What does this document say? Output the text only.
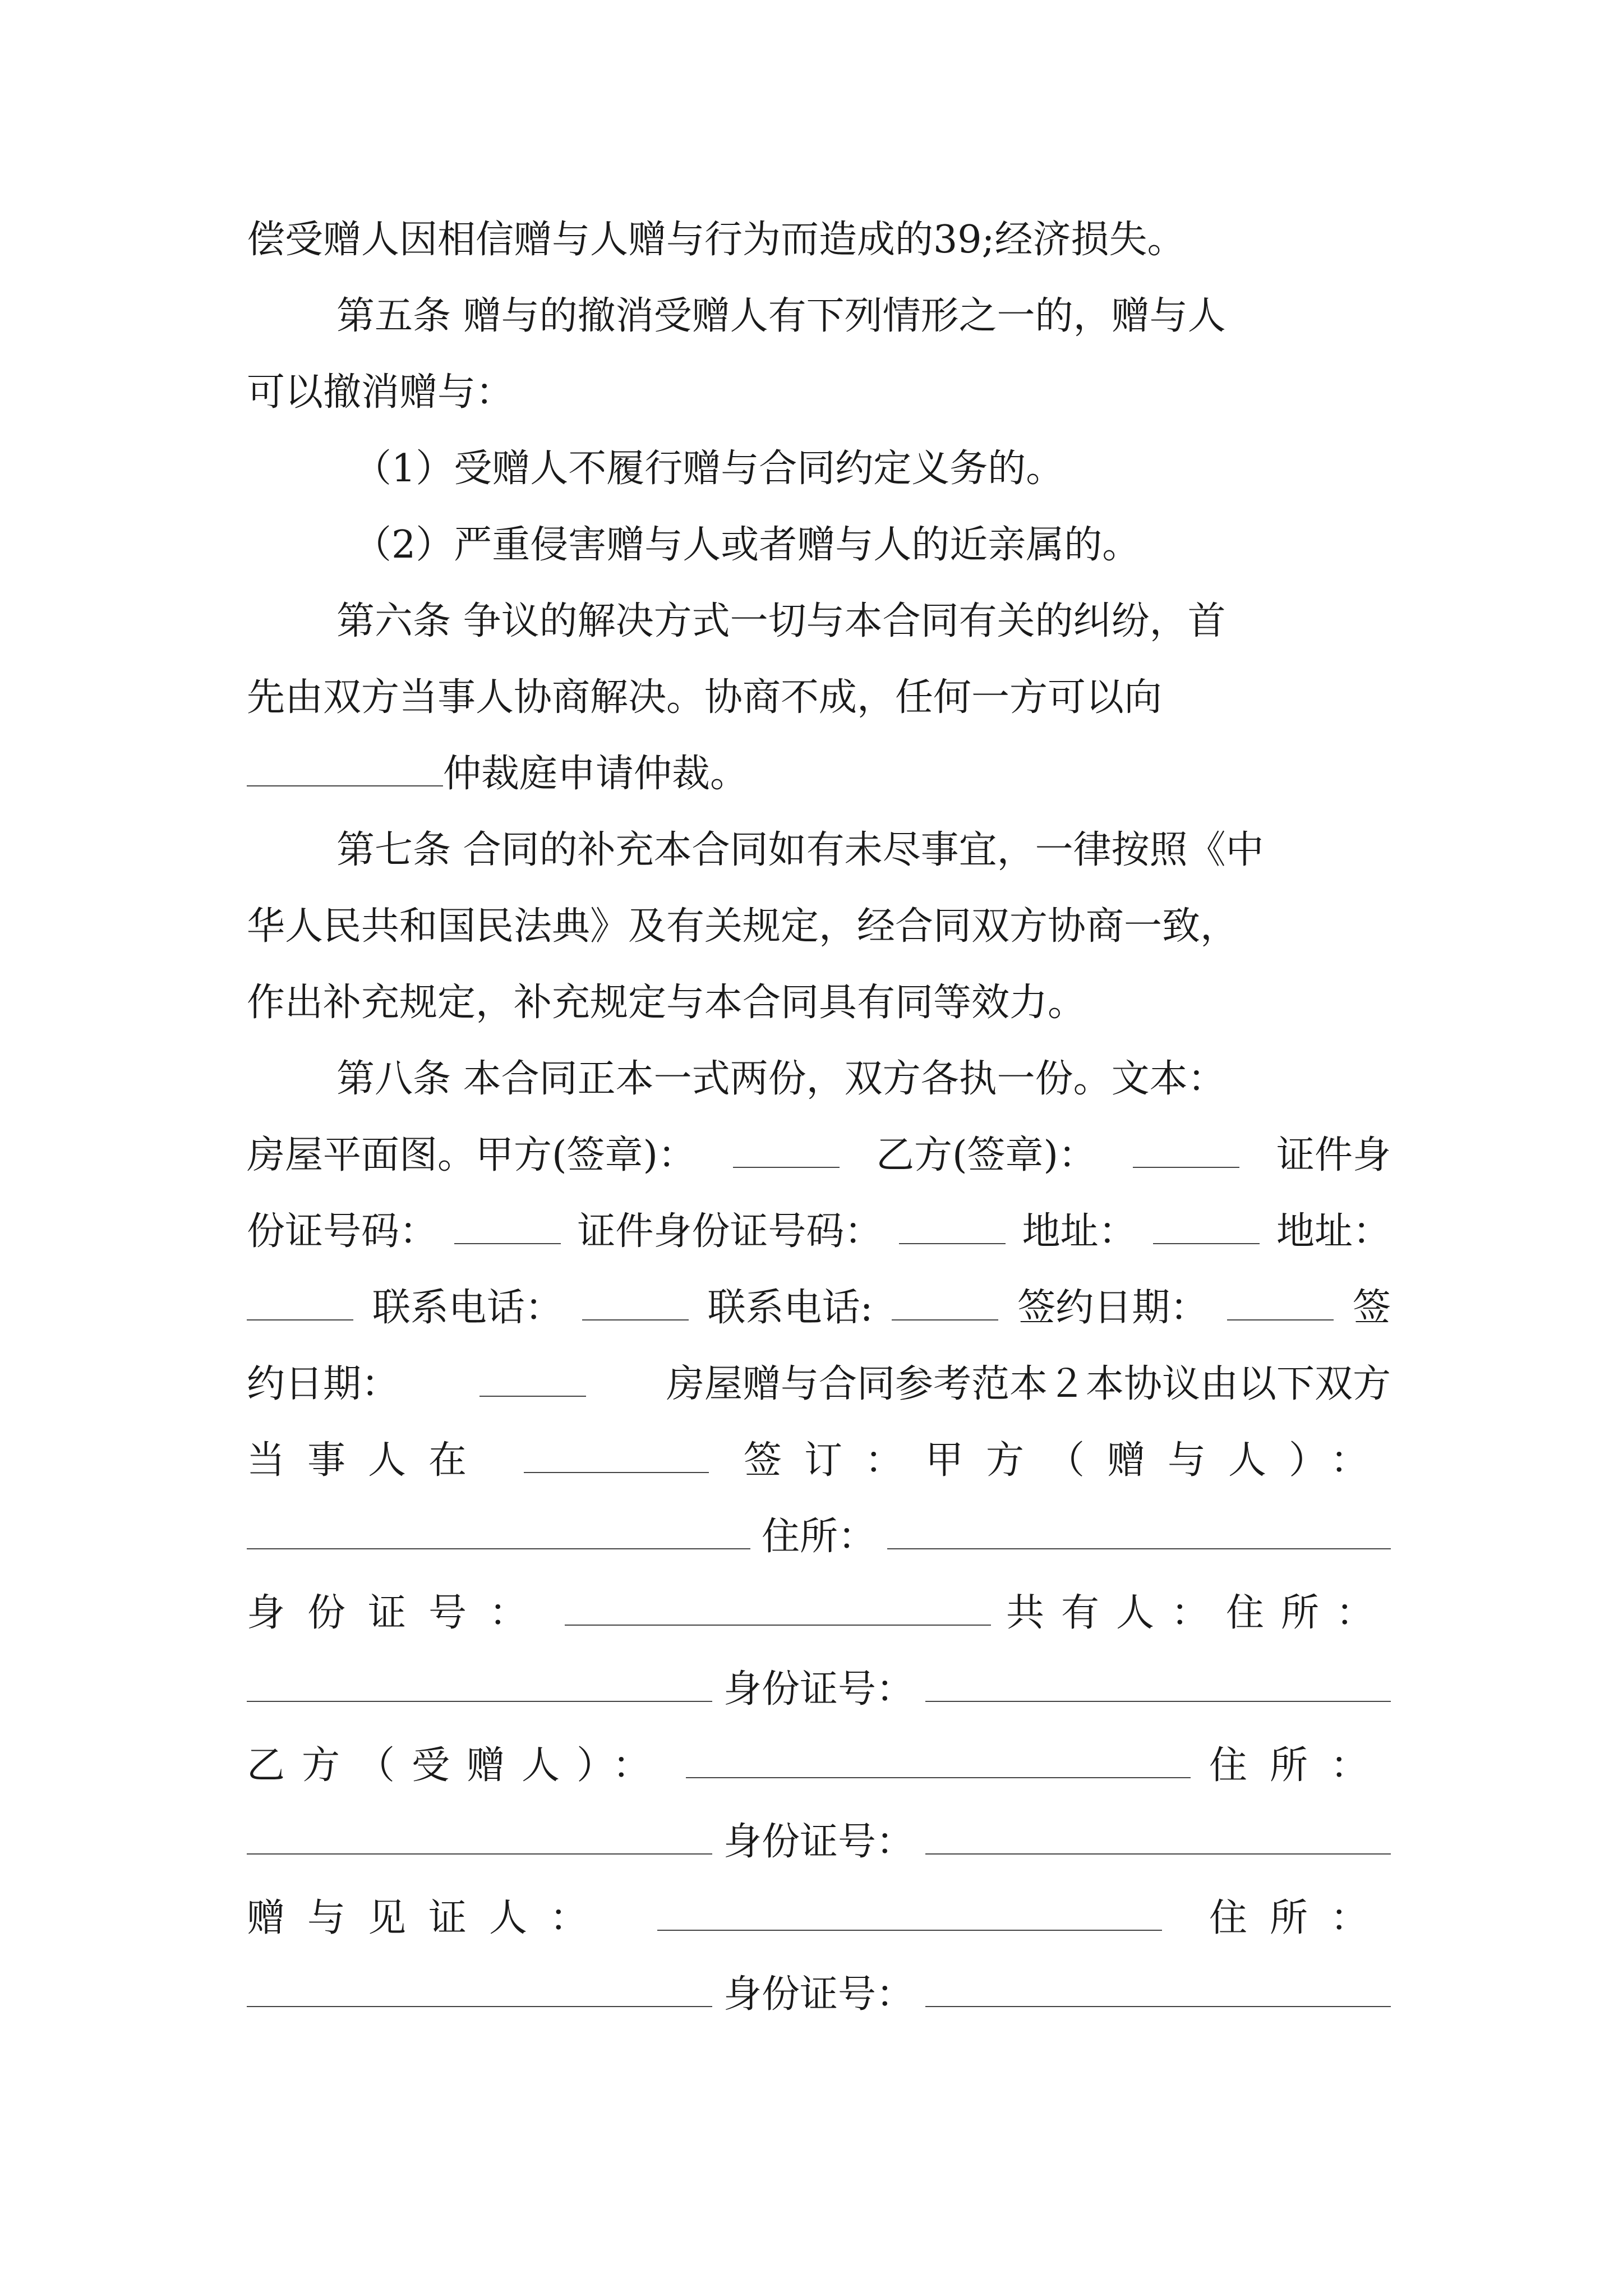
偿受赠人因相信赠与人赠与行为而造成的39;经济损失。
第五条 赠与的撤消受赠人有下列情形之一的，赠与人
可以撤消赠与：
（1）受赠人不履行赠与合同约定义务的。
（2）严重侵害赠与人或者赠与人的近亲属的。
第六条 争议的解决方式一切与本合同有关的纠纷，首
先由双方当事人协商解决。协商不成，任何一方可以向
仲裁庭申请仲裁。
第七条 合同的补充本合同如有未尽事宜，一律按照《中
华人民共和国民法典》及有关规定，经合同双方协商一致，
作出补充规定，补充规定与本合同具有同等效力。
第八条 本合同正本一式两份，双方各执一份。文本：
房屋平面图。甲方(签章)：	乙方(签章)：	证件身
份证号码：	证件身份证号码：	地址：	地址：
联系电话：	联系电话:	签约日期：	签
约日期：	房屋赠与合同参考范本２本协议由以下双方
当事人在	签订：甲方（赠与人）：
住所：
身份证号：	共有人：住所：
身份证号：
乙方（受赠人）：	住所：
身份证号：
赠与见证人：	住所：
身份证号：
